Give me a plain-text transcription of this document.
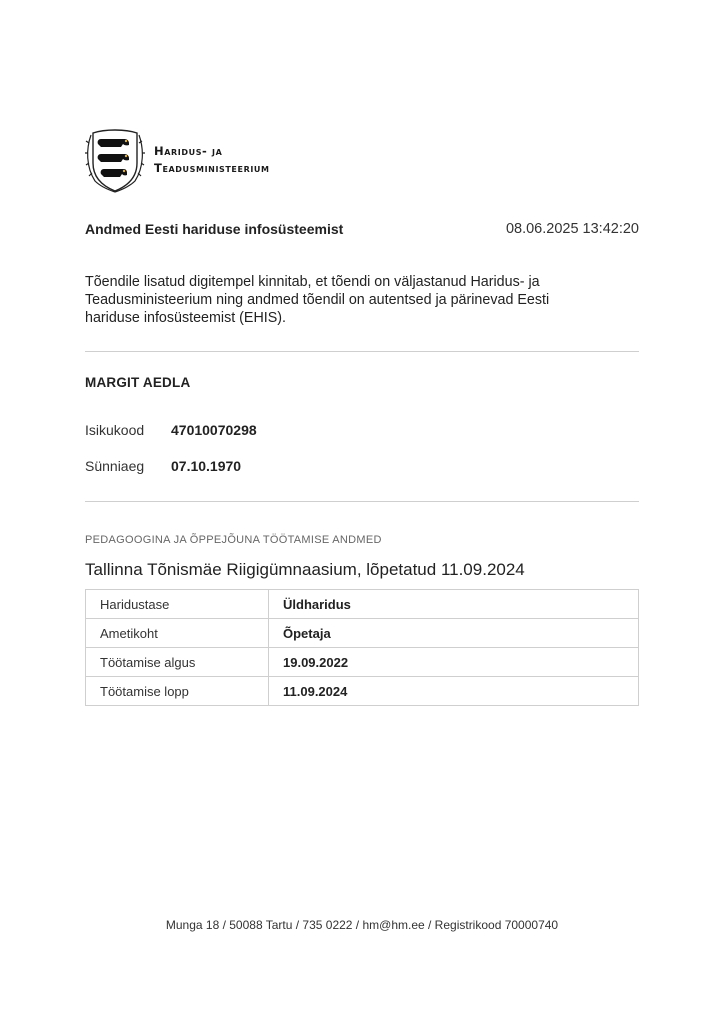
Haridus- ja
Teadusministeerium
Andmed Eesti hariduse infosüsteemist	08.06.2025 13:42:20
Tõendile lisatud digitempel kinnitab, et tõendi on väljastanud Haridus- ja Teadusministeerium ning andmed tõendil on autentsed ja pärinevad Eesti hariduse infosüsteemist (EHIS).
MARGIT AEDLA
Isikukood	47010070298
Sünniaeg	07.10.1970
PEDAGOOGINA JA ÕPPEJÕUNA TÖÖTAMISE ANDMED
Tallinna Tõnismäe Riigigümnaasium, lõpetatud 11.09.2024
Haridustase	Üldharidus
Ametikoht	Õpetaja
Töötamise algus	19.09.2022
Töötamise lopp	11.09.2024
Munga 18 / 50088 Tartu / 735 0222 / hm@hm.ee / Registrikood 70000740
